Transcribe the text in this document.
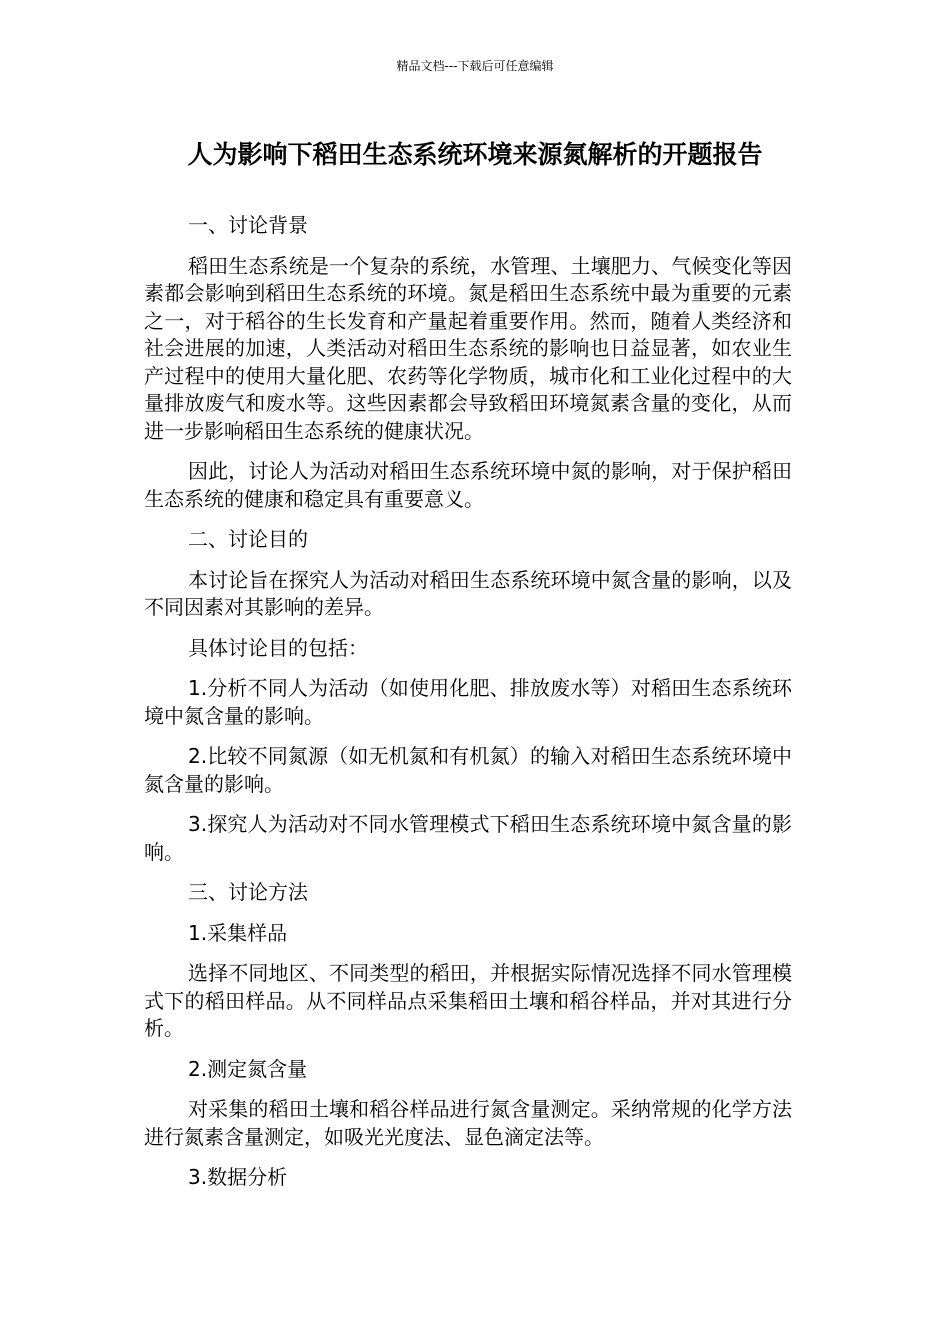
精品文档---下载后可任意编辑
人为影响下稻田生态系统环境来源氮解析的开题报告

一、讨论背景

稻田生态系统是一个复杂的系统，水管理、土壤肥力、气候变化等因素都会影响到稻田生态系统的环境。氮是稻田生态系统中最为重要的元素之一，对于稻谷的生长发育和产量起着重要作用。然而，随着人类经济和社会进展的加速，人类活动对稻田生态系统的影响也日益显著，如农业生产过程中的使用大量化肥、农药等化学物质，城市化和工业化过程中的大量排放废气和废水等。这些因素都会导致稻田环境氮素含量的变化，从而进一步影响稻田生态系统的健康状况。

因此，讨论人为活动对稻田生态系统环境中氮的影响，对于保护稻田生态系统的健康和稳定具有重要意义。

二、讨论目的

本讨论旨在探究人为活动对稻田生态系统环境中氮含量的影响，以及不同因素对其影响的差异。

具体讨论目的包括：

1.分析不同人为活动（如使用化肥、排放废水等）对稻田生态系统环境中氮含量的影响。

2.比较不同氮源（如无机氮和有机氮）的输入对稻田生态系统环境中氮含量的影响。

3.探究人为活动对不同水管理模式下稻田生态系统环境中氮含量的影响。

三、讨论方法

1.采集样品

选择不同地区、不同类型的稻田，并根据实际情况选择不同水管理模式下的稻田样品。从不同样品点采集稻田土壤和稻谷样品，并对其进行分析。

2.测定氮含量

对采集的稻田土壤和稻谷样品进行氮含量测定。采纳常规的化学方法进行氮素含量测定，如吸光光度法、显色滴定法等。

3.数据分析
